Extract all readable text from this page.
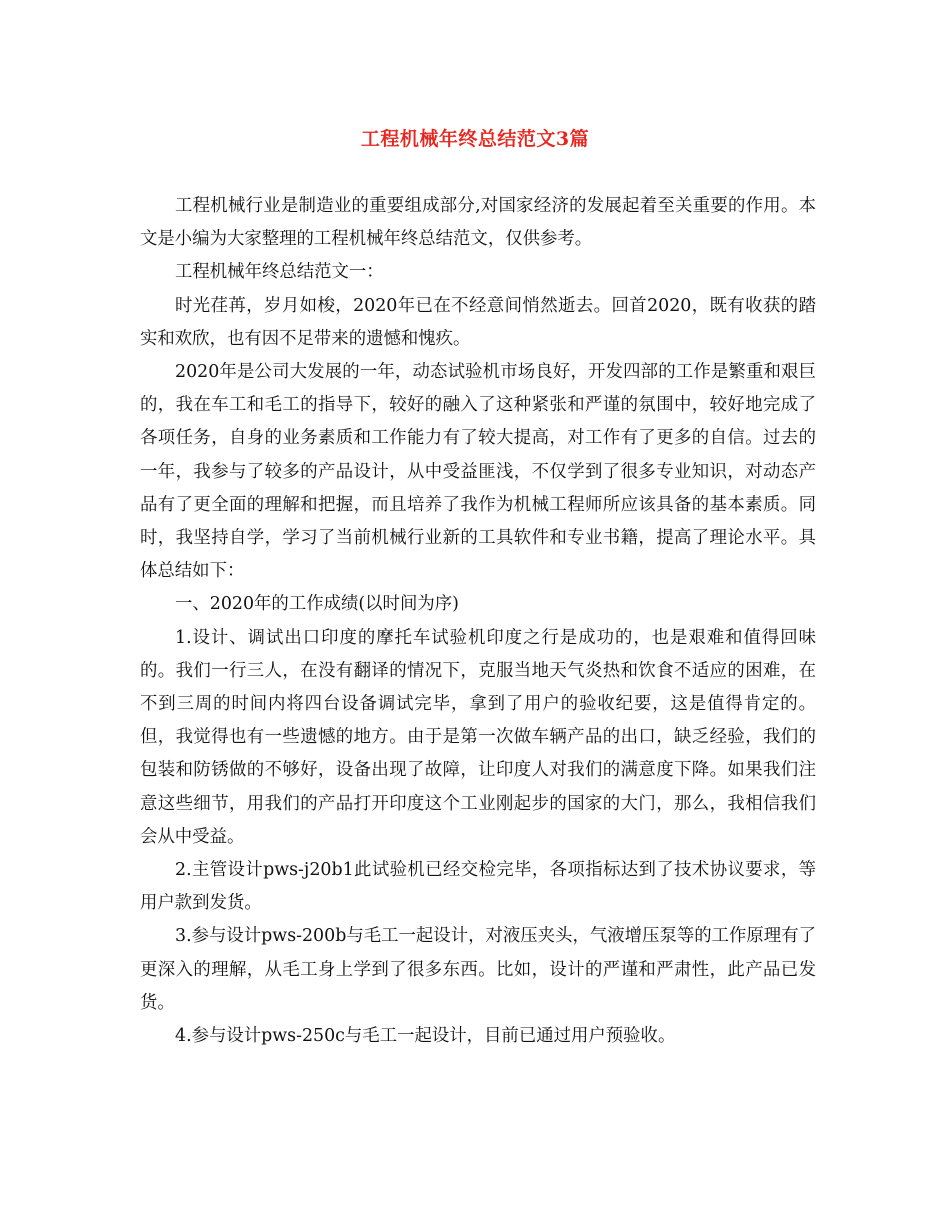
工程机械年终总结范文3篇

工程机械行业是制造业的重要组成部分,对国家经济的发展起着至关重要的作用。本文是小编为大家整理的工程机械年终总结范文，仅供参考。

工程机械年终总结范文一：

时光荏苒，岁月如梭，2020年已在不经意间悄然逝去。回首2020，既有收获的踏实和欢欣，也有因不足带来的遗憾和愧疚。

2020年是公司大发展的一年，动态试验机市场良好，开发四部的工作是繁重和艰巨的，我在车工和毛工的指导下，较好的融入了这种紧张和严谨的氛围中，较好地完成了各项任务，自身的业务素质和工作能力有了较大提高，对工作有了更多的自信。过去的一年，我参与了较多的产品设计，从中受益匪浅，不仅学到了很多专业知识，对动态产品有了更全面的理解和把握，而且培养了我作为机械工程师所应该具备的基本素质。同时，我坚持自学，学习了当前机械行业新的工具软件和专业书籍，提高了理论水平。具体总结如下：

一、2020年的工作成绩(以时间为序)

1.设计、调试出口印度的摩托车试验机印度之行是成功的，也是艰难和值得回味的。我们一行三人，在没有翻译的情况下，克服当地天气炎热和饮食不适应的困难，在不到三周的时间内将四台设备调试完毕，拿到了用户的验收纪要，这是值得肯定的。但，我觉得也有一些遗憾的地方。由于是第一次做车辆产品的出口，缺乏经验，我们的包装和防锈做的不够好，设备出现了故障，让印度人对我们的满意度下降。如果我们注意这些细节，用我们的产品打开印度这个工业刚起步的国家的大门，那么，我相信我们会从中受益。

2.主管设计pws-j20b1此试验机已经交检完毕，各项指标达到了技术协议要求，等用户款到发货。

3.参与设计pws-200b与毛工一起设计，对液压夹头，气液增压泵等的工作原理有了更深入的理解，从毛工身上学到了很多东西。比如，设计的严谨和严肃性，此产品已发货。

4.参与设计pws-250c与毛工一起设计，目前已通过用户预验收。
